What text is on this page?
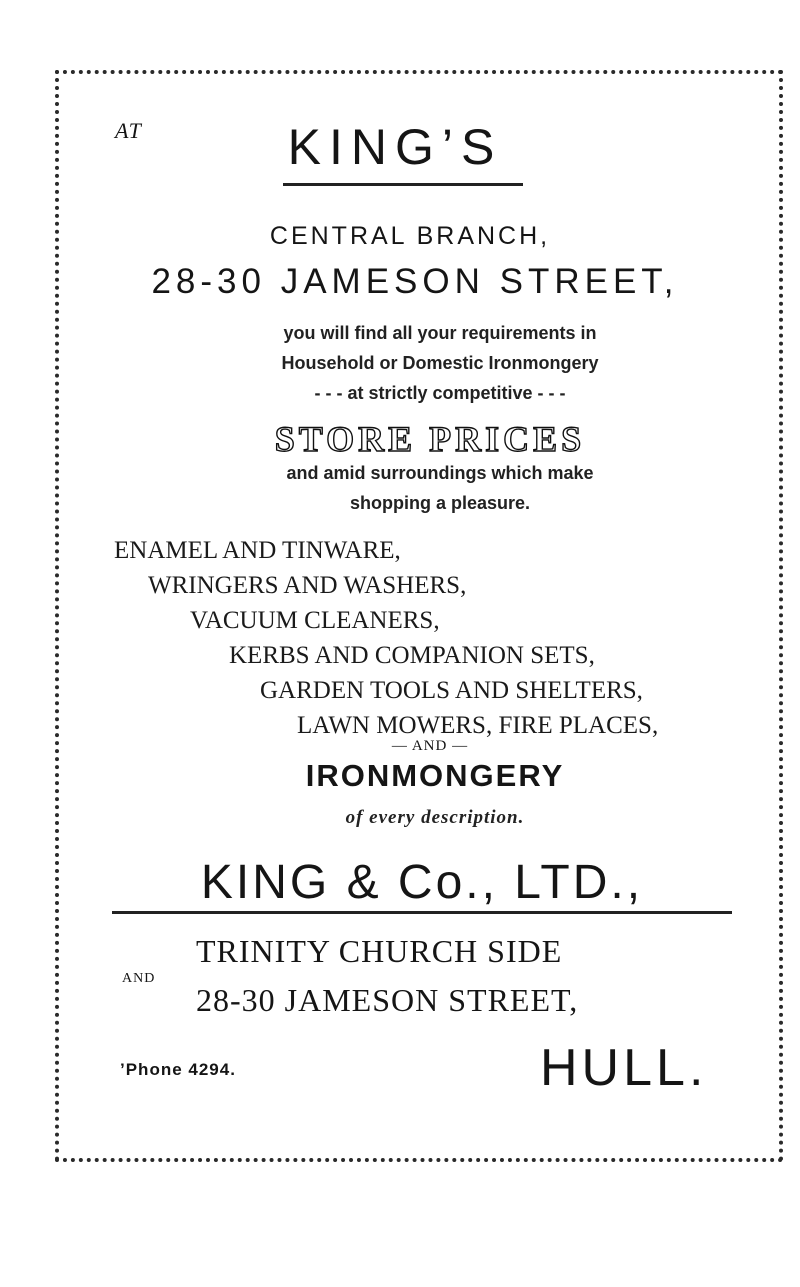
AT	KING’S
CENTRAL BRANCH,
28-30 JAMESON STREET,
you will find all your requirements in
Household or Domestic Ironmongery
- - - at strictly competitive - - -
STORE PRICES
and amid surroundings which make
shopping a pleasure.
ENAMEL AND TINWARE,
WRINGERS AND WASHERS,
VACUUM CLEANERS,
KERBS AND COMPANION SETS,
GARDEN TOOLS AND SHELTERS,
LAWN MOWERS, FIRE PLACES,
— AND —
IRONMONGERY
of every description.
KING & Co., LTD.,
TRINITY CHURCH SIDE
AND
28-30 JAMESON STREET,
’Phone 4294.	HULL.
